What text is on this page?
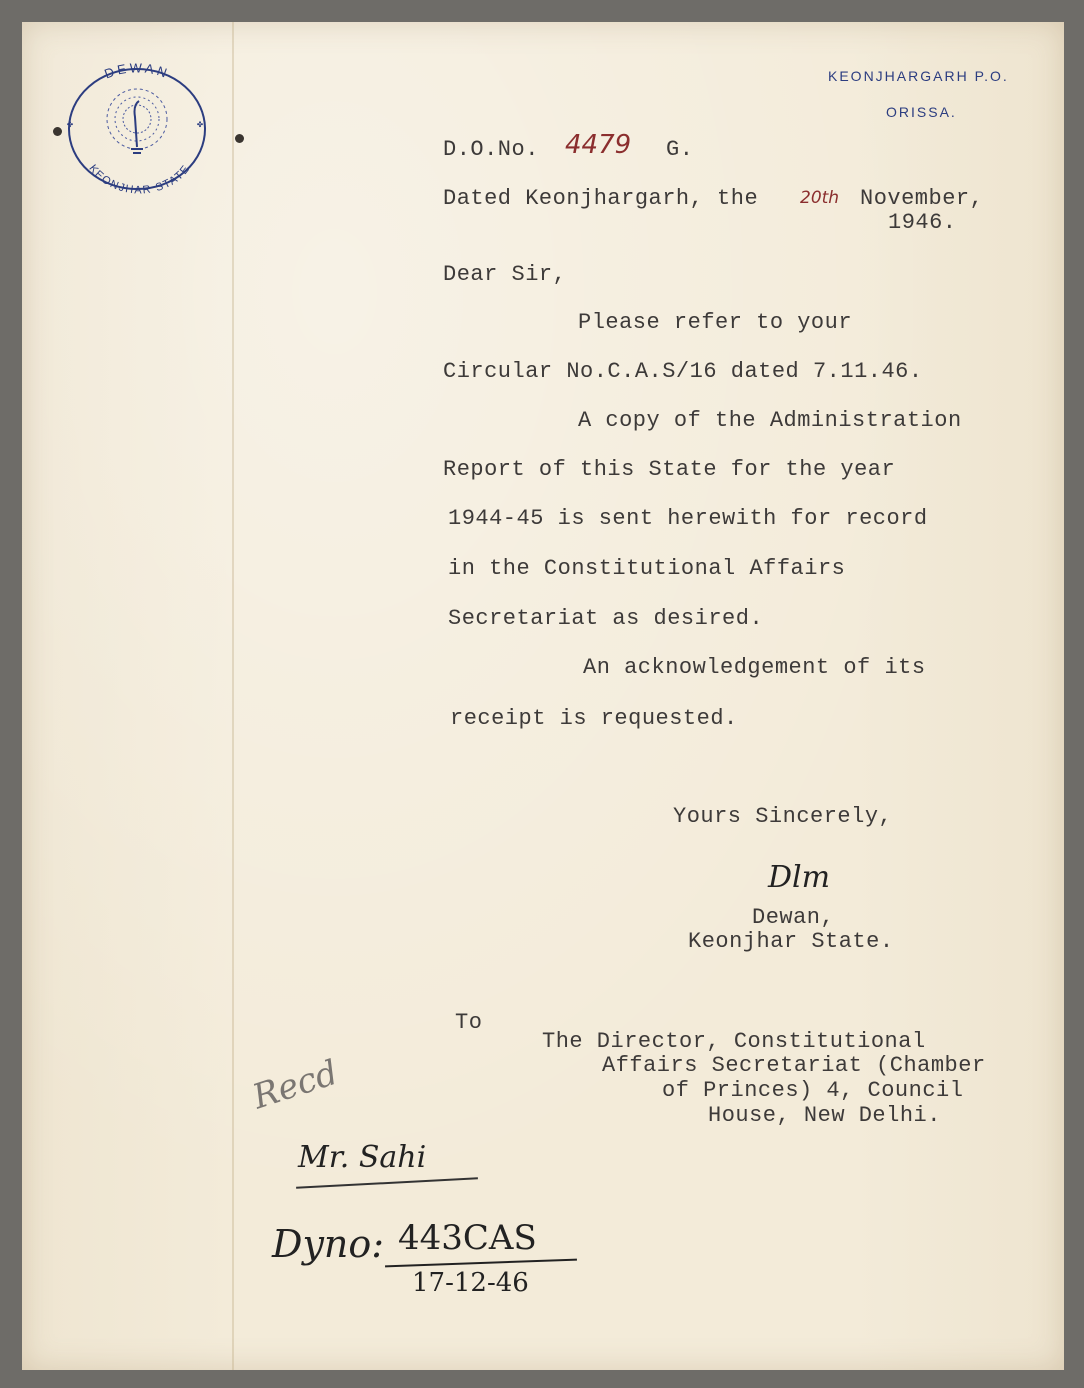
DEWAN
KEONJHAR STATE
✤	✤
KEONJHARGARH P.O.
ORISSA.
D.O.No. 4479 G.
Dated Keonjhargarh, the 20th November,
1946.
Dear Sir,
Please refer to your
Circular No.C.A.S/16 dated 7.11.46.
A copy of the Administration
Report of this State for the year
1944-45 is sent herewith for record
in the Constitutional Affairs
Secretariat as desired.
An acknowledgement of its
receipt is requested.
Yours Sincerely,
Dlm
Dewan,
Keonjhar State.
To
The Director, Constitutional
Affairs Secretariat (Chamber
of Princes) 4, Council
House, New Delhi.
Recd
Mr. Sahi
Dyno: 443CAS
17-12-46
